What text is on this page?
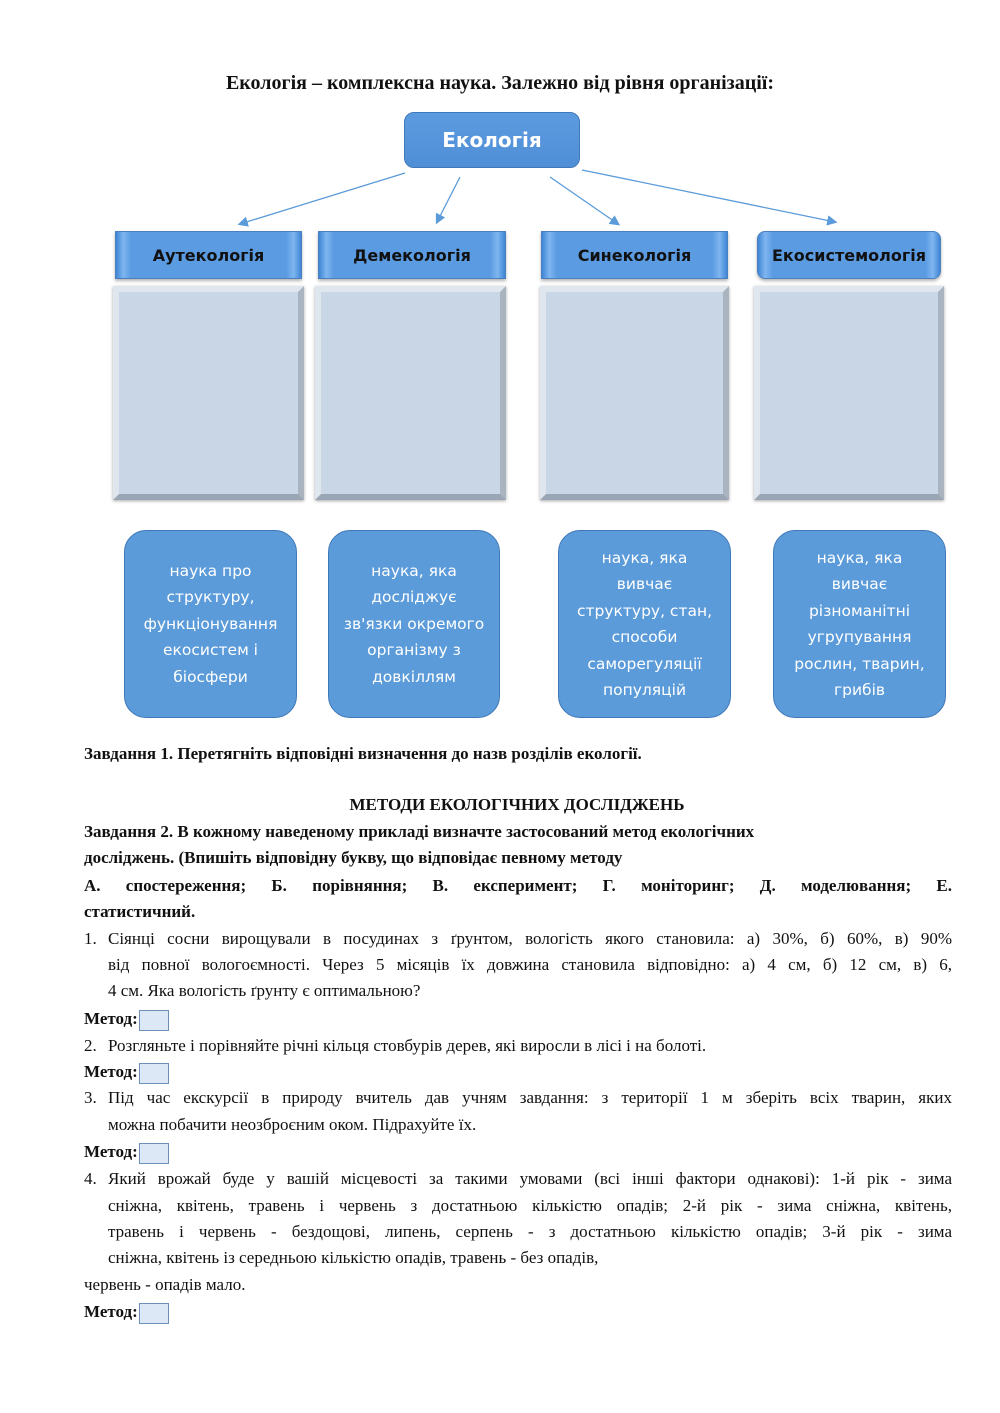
Екологія – комплексна наука. Залежно від рівня організації:
Екологія
Аутекологія	Демекологія	Синекологія	Екосистемологія
наука про структуру, функціонування екосистем і біосфери
наука, яка досліджує зв'язки окремого організму з довкіллям
наука, яка вивчає структуру, стан, способи саморегуляції популяцій
наука, яка вивчає різноманітні угрупування рослин, тварин, грибів
Завдання 1. Перетягніть відповідні визначення до назв розділів екології.
МЕТОДИ ЕКОЛОГІЧНИХ ДОСЛІДЖЕНЬ
Завдання 2. В кожному наведеному прикладі визначте застосований метод екологічних
досліджень. (Впишіть відповідну букву, що відповідає певному методу
А. спостереження; Б. порівняння; В. експеримент; Г. моніторинг; Д. моделювання; Е.
статистичний.
1. Сіянці сосни вирощували в посудинах з ґрунтом, вологість якого становила: а) 30%, б) 60%, в) 90%
від повної вологоємності. Через 5 місяців їх довжина становила відповідно: а) 4 см, б) 12 см, в) 6,
4 см. Яка вологість ґрунту є оптимальною?
Метод:
2. Розгляньте і порівняйте річні кільця стовбурів дерев, які виросли в лісі і на болоті.
Метод:
3. Під час екскурсії в природу вчитель дав учням завдання: з території 1 м зберіть всіх тварин, яких
можна побачити неозброєним оком. Підрахуйте їх.
Метод:
4. Який врожай буде у вашій місцевості за такими умовами (всі інші фактори однакові): 1-й рік - зима
сніжна, квітень, травень і червень з достатньою кількістю опадів; 2-й рік - зима сніжна, квітень,
травень і червень - бездощові, липень, серпень - з достатньою кількістю опадів; 3-й рік - зима
сніжна, квітень із середньою кількістю опадів, травень - без опадів,
червень - опадів мало.
Метод:
